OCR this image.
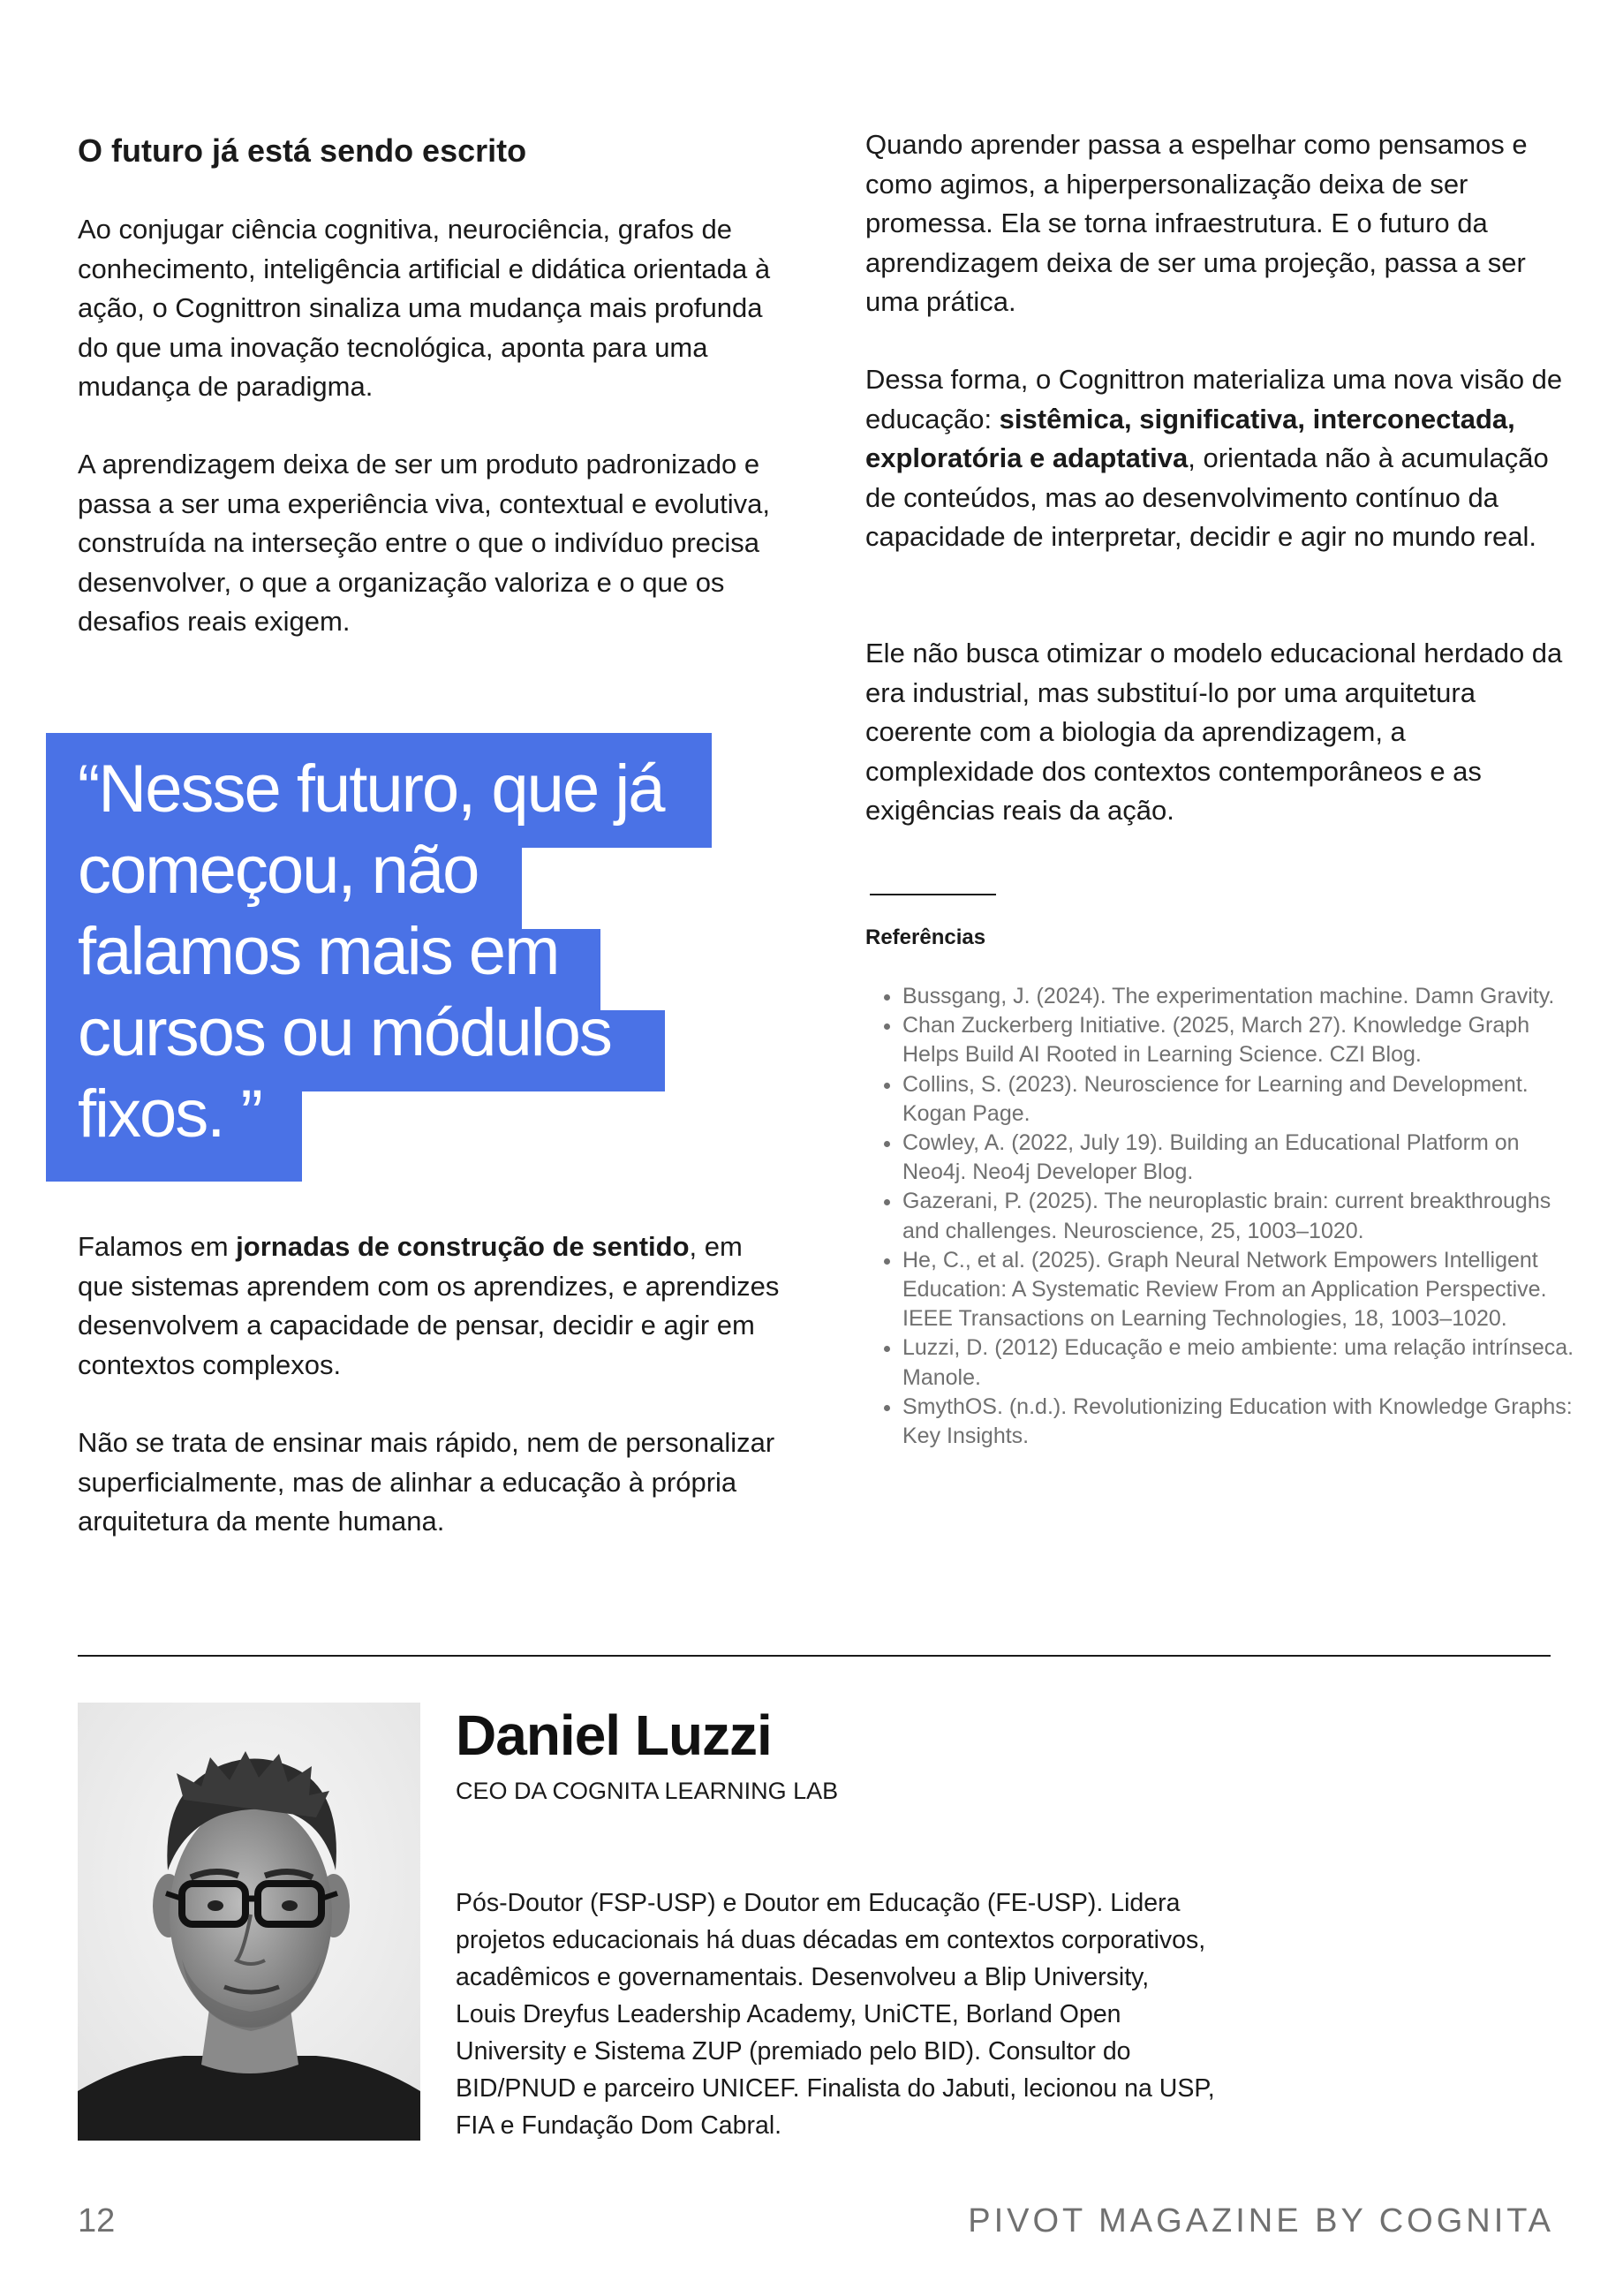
O futuro já está sendo escrito

Ao conjugar ciência cognitiva, neurociência, grafos de conhecimento, inteligência artificial e didática orientada à ação, o Cognittron sinaliza uma mudança mais profunda do que uma inovação tecnológica, aponta para uma mudança de paradigma.

A aprendizagem deixa de ser um produto padronizado e passa a ser uma experiência viva, contextual e evolutiva, construída na interseção entre o que o indivíduo precisa desenvolver, o que a organização valoriza e o que os desafios reais exigem.

“Nesse futuro, que já
começou, não
falamos mais em
cursos ou módulos
fixos. ”

Falamos em jornadas de construção de sentido, em que sistemas aprendem com os aprendizes, e aprendizes desenvolvem a capacidade de pensar, decidir e agir em contextos complexos.

Não se trata de ensinar mais rápido, nem de personalizar superficialmente, mas de alinhar a educação à própria arquitetura da mente humana.

Quando aprender passa a espelhar como pensamos e como agimos, a hiperpersonalização deixa de ser promessa. Ela se torna infraestrutura. E o futuro da aprendizagem deixa de ser uma projeção, passa a ser uma prática.

Dessa forma, o Cognittron materializa uma nova visão de educação: sistêmica, significativa, interconectada, exploratória e adaptativa, orientada não à acumulação de conteúdos, mas ao desenvolvimento contínuo da capacidade de interpretar, decidir e agir no mundo real.

Ele não busca otimizar o modelo educacional herdado da era industrial, mas substituí-lo por uma arquitetura coerente com a biologia da aprendizagem, a complexidade dos contextos contemporâneos e as exigências reais da ação.

Referências
• Bussgang, J. (2024). The experimentation machine. Damn Gravity.
• Chan Zuckerberg Initiative. (2025, March 27). Knowledge Graph Helps Build AI Rooted in Learning Science. CZI Blog.
• Collins, S. (2023). Neuroscience for Learning and Development. Kogan Page.
• Cowley, A. (2022, July 19). Building an Educational Platform on Neo4j. Neo4j Developer Blog.
• Gazerani, P. (2025). The neuroplastic brain: current breakthroughs and challenges. Neuroscience, 25, 1003–1020.
• He, C., et al. (2025). Graph Neural Network Empowers Intelligent Education: A Systematic Review From an Application Perspective. IEEE Transactions on Learning Technologies, 18, 1003–1020.
• Luzzi, D. (2012) Educação e meio ambiente: uma relação intrínseca. Manole.
• SmythOS. (n.d.). Revolutionizing Education with Knowledge Graphs: Key Insights.
Daniel Luzzi

CEO DA COGNITA LEARNING LAB

Pós-Doutor (FSP-USP) e Doutor em Educação (FE-USP). Lidera projetos educacionais há duas décadas em contextos corporativos, acadêmicos e governamentais. Desenvolveu a Blip University, Louis Dreyfus Leadership Academy, UniCTE, Borland Open University e Sistema ZUP (premiado pelo BID). Consultor do BID/PNUD e parceiro UNICEF. Finalista do Jabuti, lecionou na USP, FIA e Fundação Dom Cabral.

12	PIVOT MAGAZINE BY COGNITA
